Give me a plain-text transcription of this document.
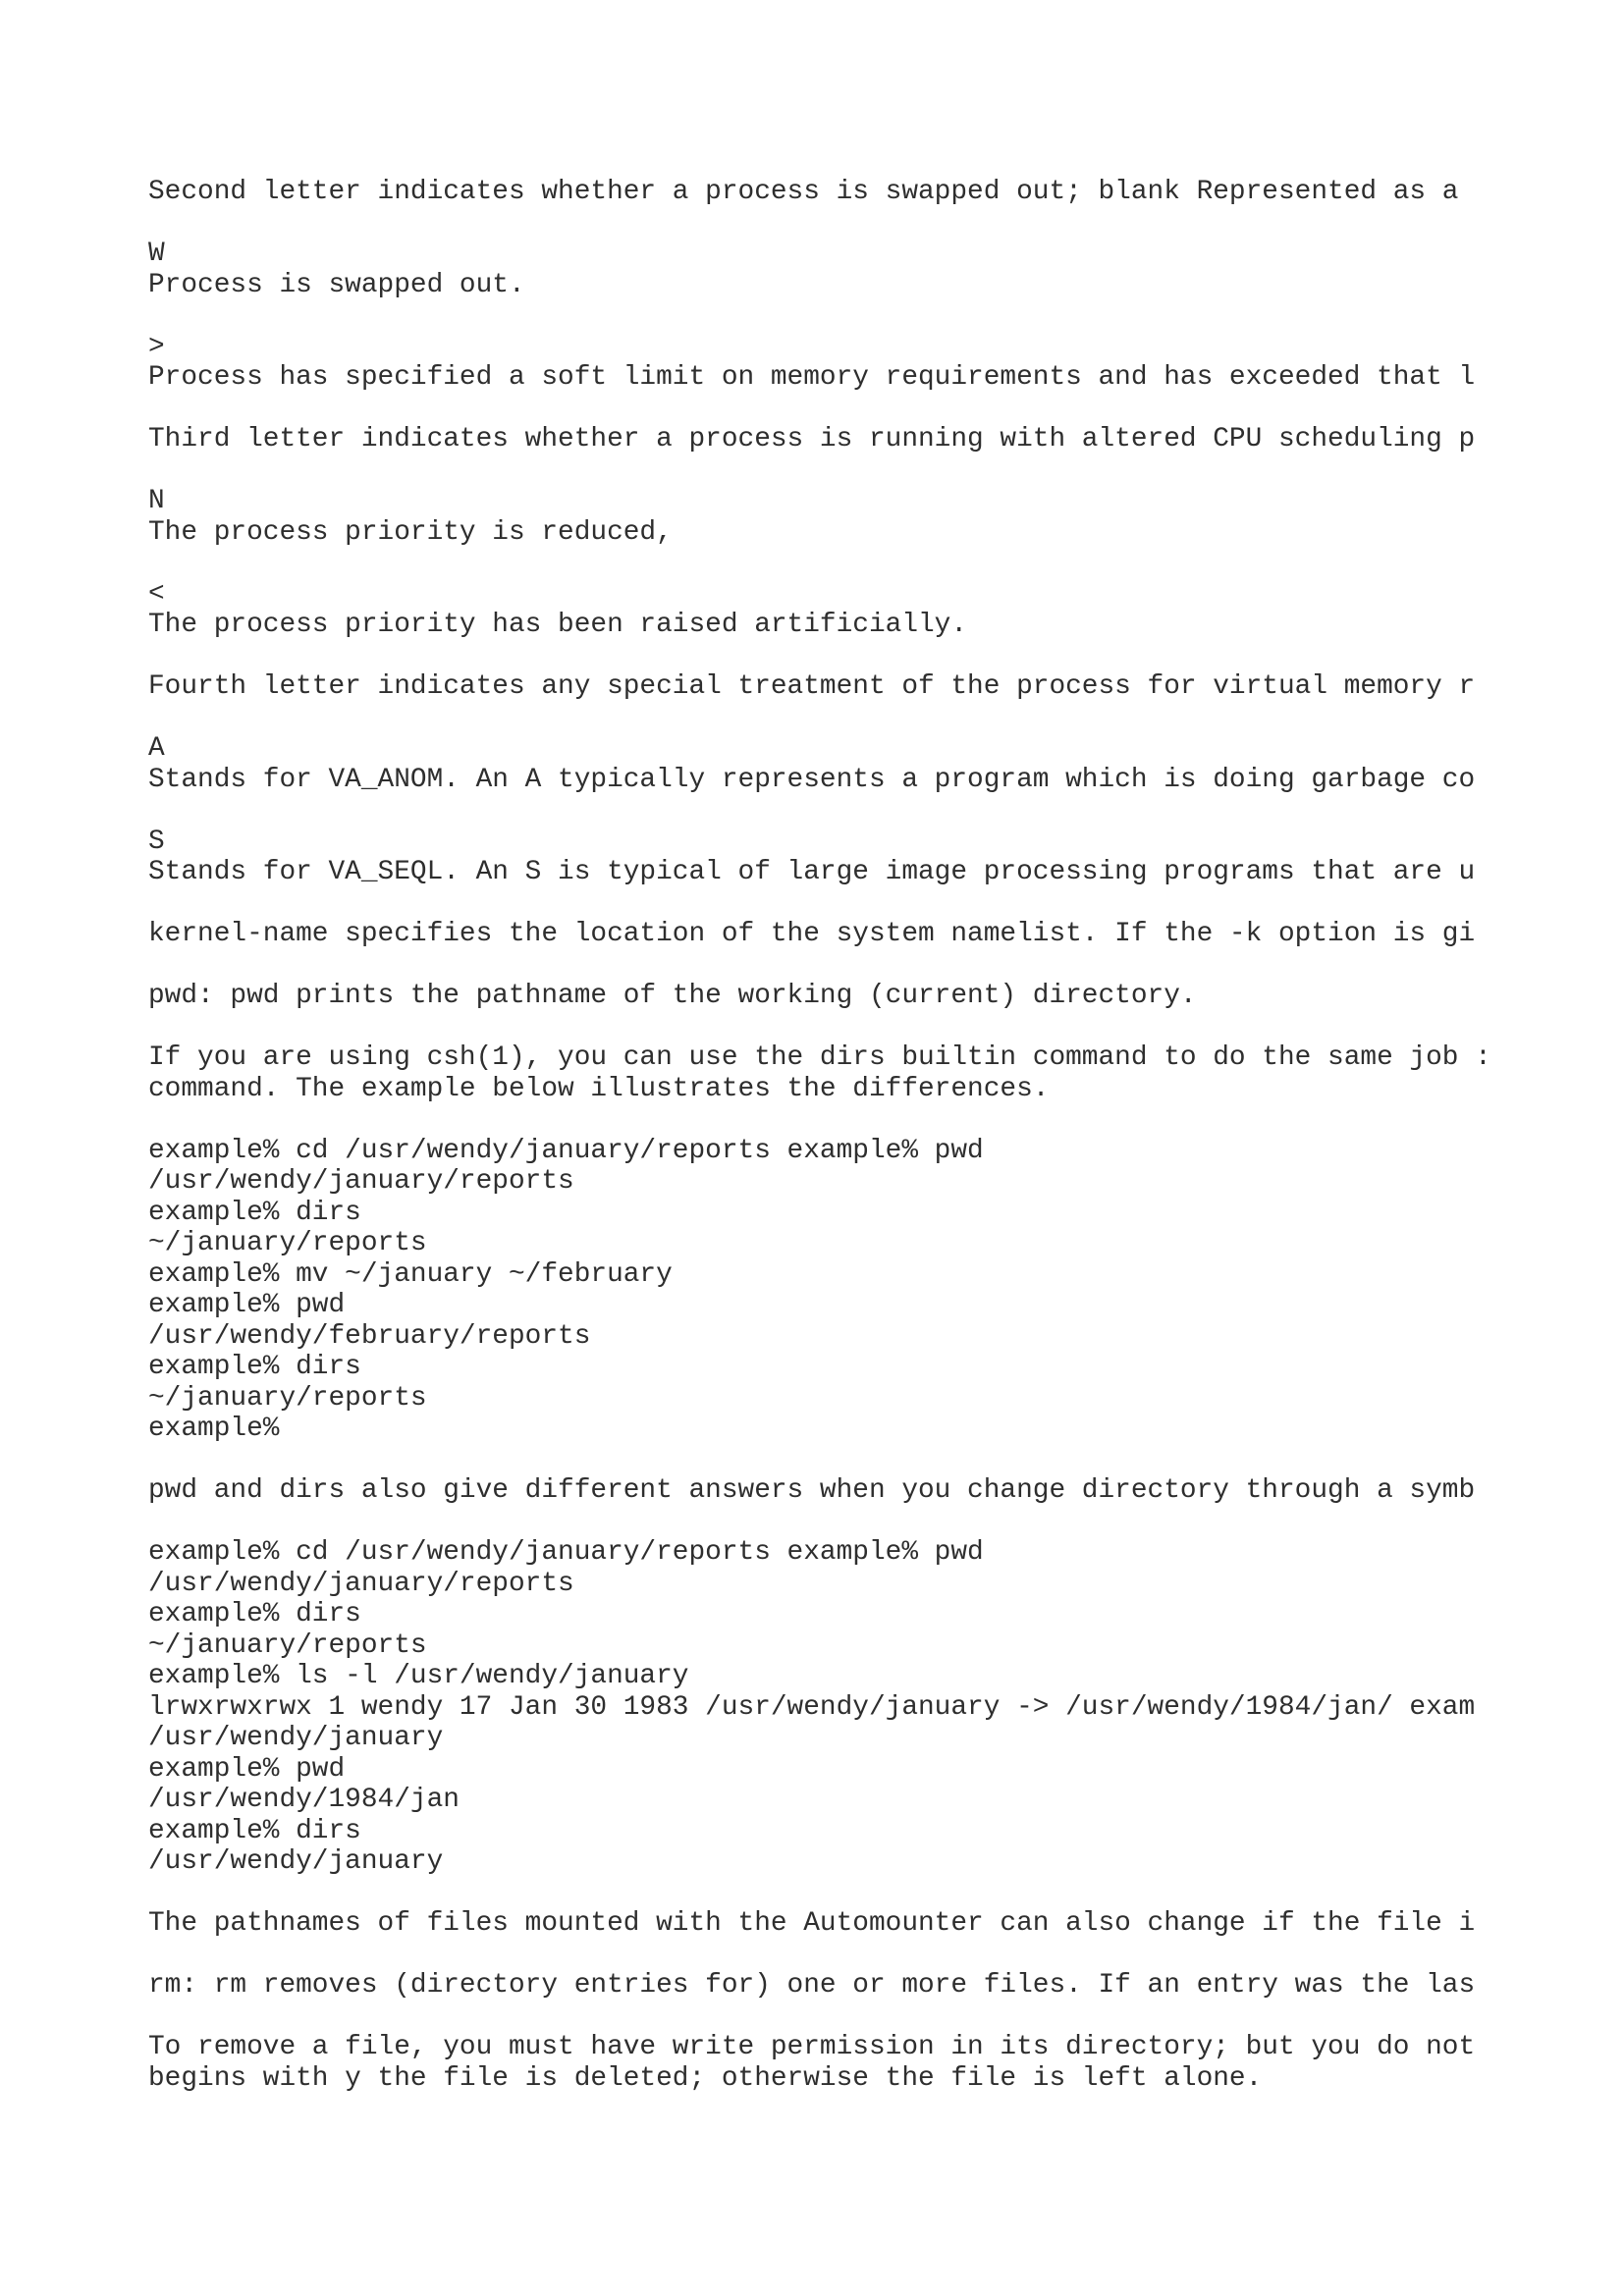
Second letter indicates whether a process is swapped out; blank Represented as a

W
Process is swapped out.

>
Process has specified a soft limit on memory requirements and has exceeded that l

Third letter indicates whether a process is running with altered CPU scheduling p

N
The process priority is reduced,

<
The process priority has been raised artificially.

Fourth letter indicates any special treatment of the process for virtual memory r

A
Stands for VA_ANOM. An A typically represents a program which is doing garbage co

S
Stands for VA_SEQL. An S is typical of large image processing programs that are u

kernel-name specifies the location of the system namelist. If the -k option is gi

pwd: pwd prints the pathname of the working (current) directory.

If you are using csh(1), you can use the dirs builtin command to do the same job :
command. The example below illustrates the differences.

example% cd /usr/wendy/january/reports example% pwd
/usr/wendy/january/reports
example% dirs
~/january/reports
example% mv ~/january ~/february
example% pwd
/usr/wendy/february/reports
example% dirs
~/january/reports
example%

pwd and dirs also give different answers when you change directory through a symb

example% cd /usr/wendy/january/reports example% pwd
/usr/wendy/january/reports
example% dirs
~/january/reports
example% ls -l /usr/wendy/january
lrwxrwxrwx 1 wendy 17 Jan 30 1983 /usr/wendy/january -> /usr/wendy/1984/jan/ exam
/usr/wendy/january
example% pwd
/usr/wendy/1984/jan
example% dirs
/usr/wendy/january

The pathnames of files mounted with the Automounter can also change if the file i

rm: rm removes (directory entries for) one or more files. If an entry was the las

To remove a file, you must have write permission in its directory; but you do not
begins with y the file is deleted; otherwise the file is left alone.
